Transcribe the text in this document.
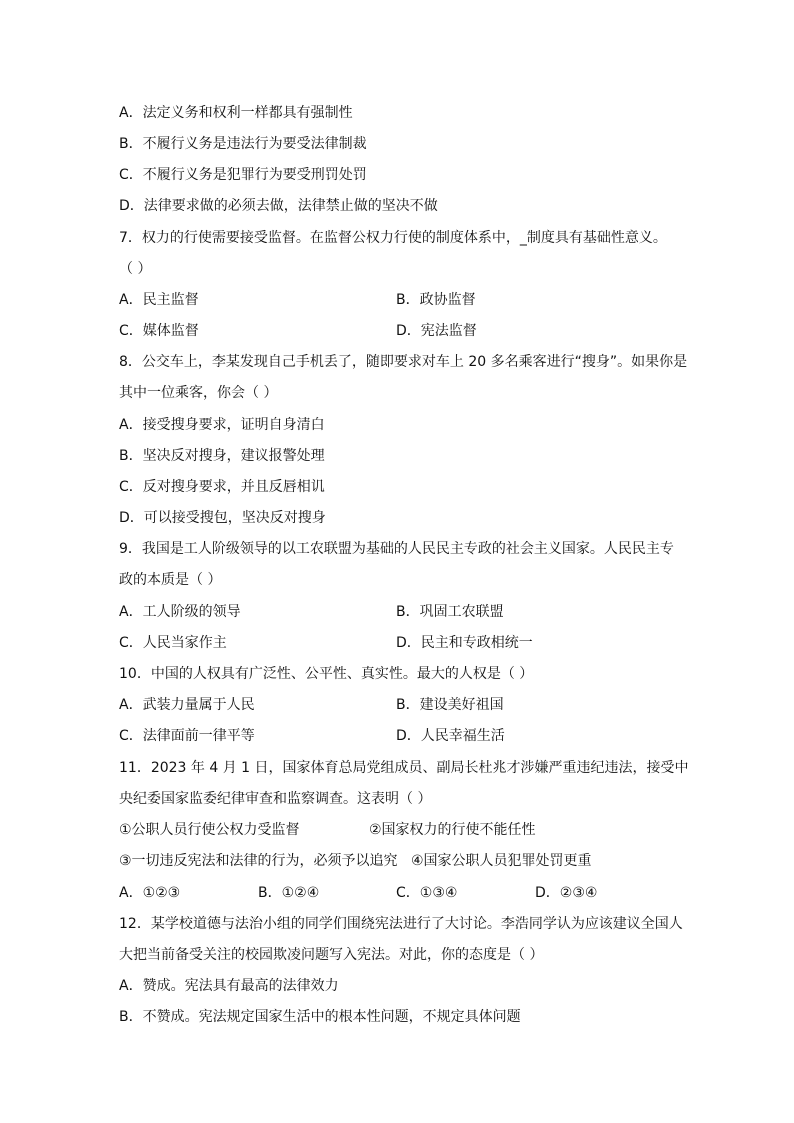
A．法定义务和权利一样都具有强制性
B．不履行义务是违法行为要受法律制裁
C．不履行义务是犯罪行为要受刑罚处罚
D．法律要求做的必须去做，法律禁止做的坚决不做
7．权力的行使需要接受监督。在监督公权力行使的制度体系中，_制度具有基础性意义。
（ ）
A．民主监督	B．政协监督
C．媒体监督	D．宪法监督
8．公交车上，李某发现自己手机丢了，随即要求对车上 20 多名乘客进行“搜身”。如果你是
其中一位乘客，你会（ ）
A．接受搜身要求，证明自身清白
B．坚决反对搜身，建议报警处理
C．反对搜身要求，并且反唇相讥
D．可以接受搜包，坚决反对搜身
9．我国是工人阶级领导的以工农联盟为基础的人民民主专政的社会主义国家。人民民主专
政的本质是（ ）
A．工人阶级的领导	B．巩固工农联盟
C．人民当家作主	D．民主和专政相统一
10．中国的人权具有广泛性、公平性、真实性。最大的人权是（ ）
A．武装力量属于人民	B．建设美好祖国
C．法律面前一律平等	D．人民幸福生活
11．2023 年 4 月 1 日，国家体育总局党组成员、副局长杜兆才涉嫌严重违纪违法，接受中
央纪委国家监委纪律审查和监察调查。这表明（ ）
①公职人员行使公权力受监督	②国家权力的行使不能任性
③一切违反宪法和法律的行为，必须予以追究 ④国家公职人员犯罪处罚更重
A．①②③	B．①②④	C．①③④	D．②③④
12．某学校道德与法治小组的同学们围绕宪法进行了大讨论。李浩同学认为应该建议全国人
大把当前备受关注的校园欺凌问题写入宪法。对此，你的态度是（ ）
A．赞成。宪法具有最高的法律效力
B．不赞成。宪法规定国家生活中的根本性问题，不规定具体问题
